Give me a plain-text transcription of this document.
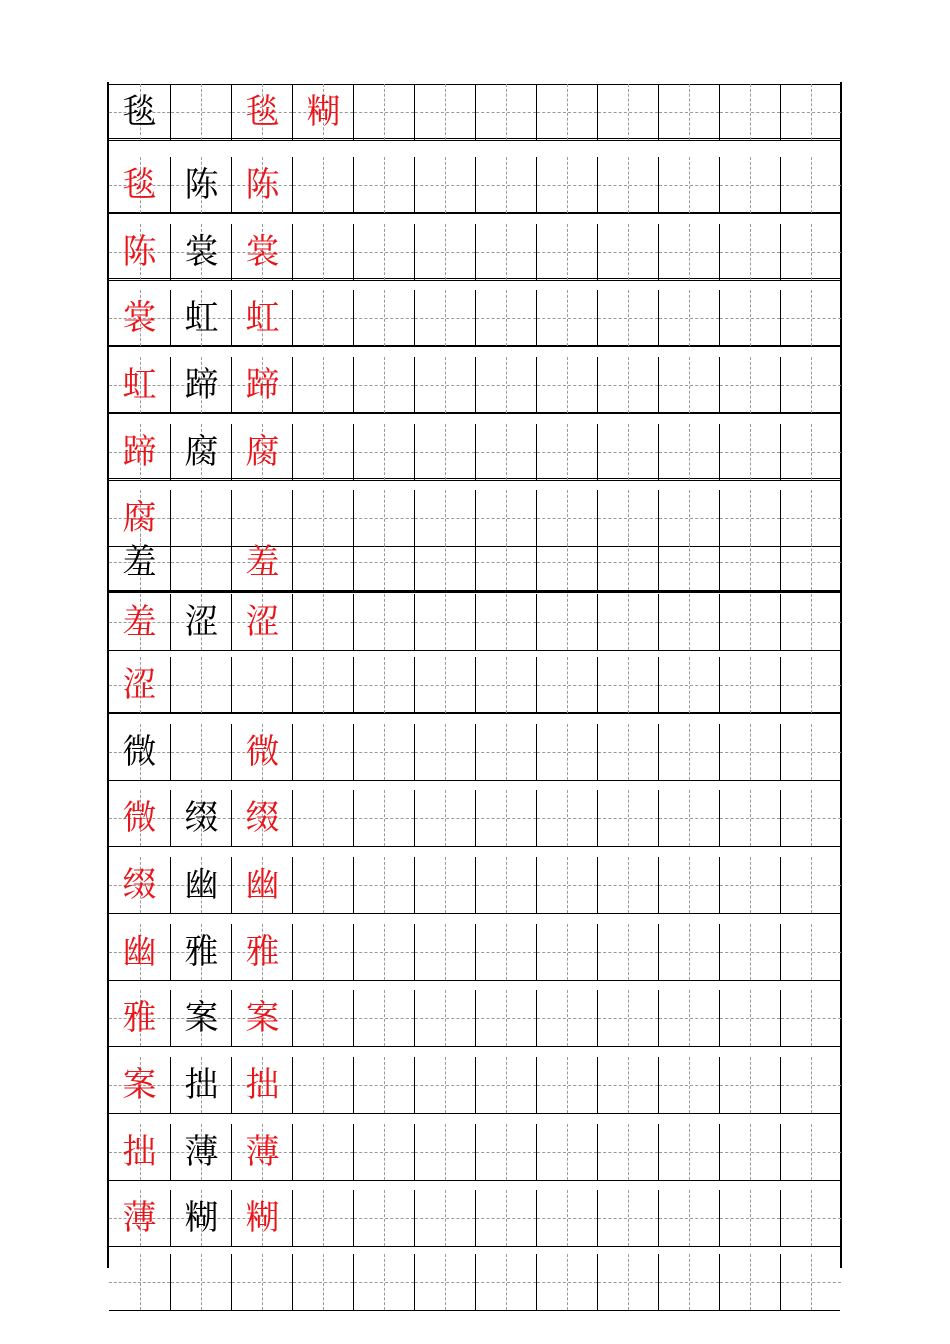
毯	毯 糊
毯 陈 陈
陈 裳 裳
裳 虹 虹
虹 蹄 蹄
蹄 腐 腐
腐
羞	羞
羞 涩 涩
涩
微	微
微 缀 缀
缀 幽 幽
幽 雅 雅
雅 案 案
案 拙 拙
拙 薄 薄
薄 糊 糊
